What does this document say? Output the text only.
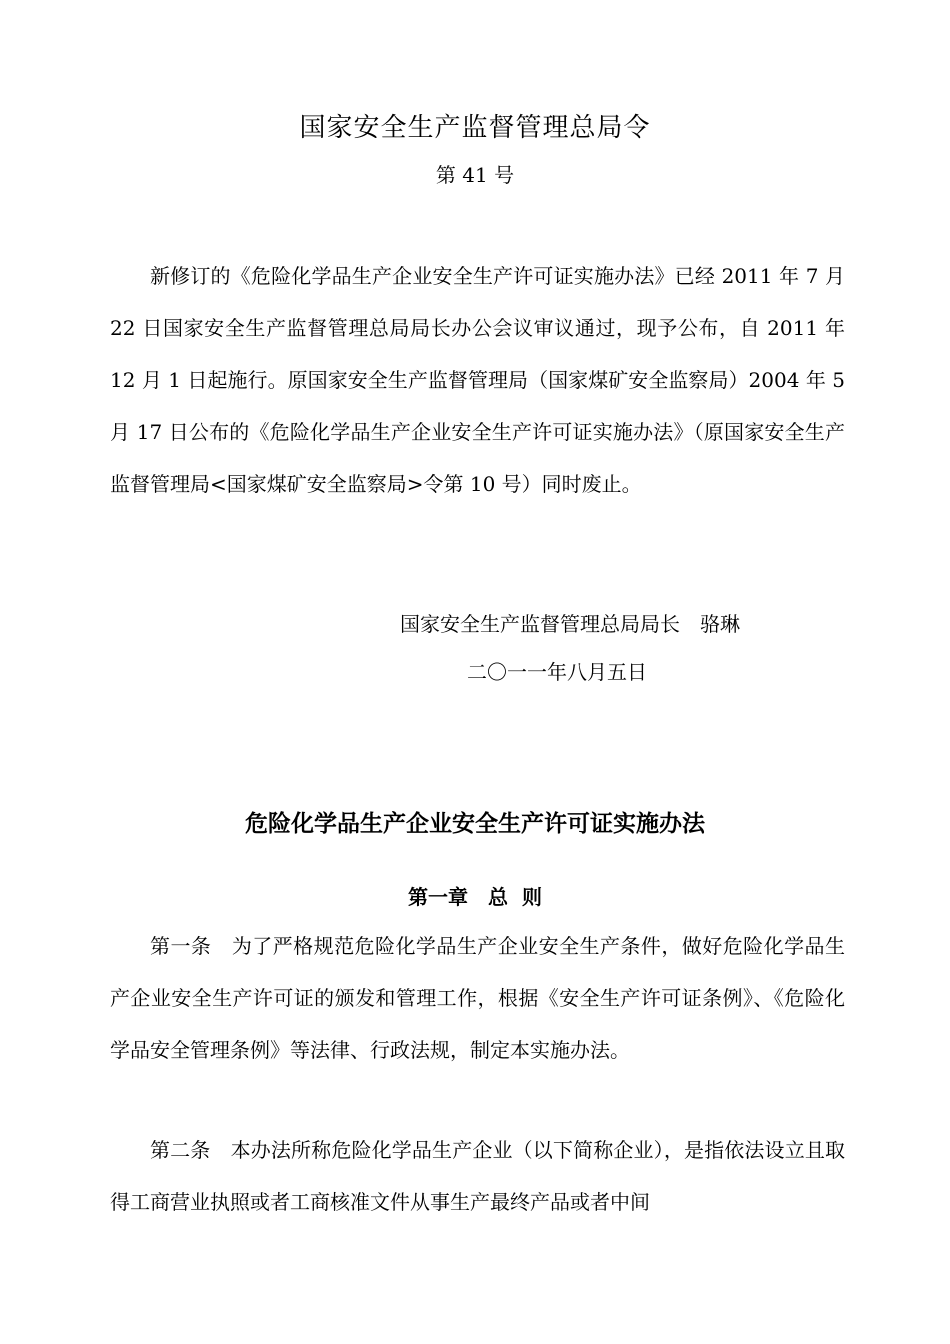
国家安全生产监督管理总局令
第 41 号

新修订的《危险化学品生产企业安全生产许可证实施办法》已经 2011 年 7 月 22 日国家安全生产监督管理总局局长办公会议审议通过，现予公布，自 2011 年 12 月 1 日起施行。原国家安全生产监督管理局（国家煤矿安全监察局）2004 年 5 月 17 日公布的《危险化学品生产企业安全生产许可证实施办法》（原国家安全生产监督管理局<国家煤矿安全监察局>令第 10 号）同时废止。

国家安全生产监督管理总局局长　骆琳
二〇一一年八月五日
危险化学品生产企业安全生产许可证实施办法
第一章　总  则

第一条　为了严格规范危险化学品生产企业安全生产条件，做好危险化学品生产企业安全生产许可证的颁发和管理工作，根据《安全生产许可证条例》、《危险化学品安全管理条例》等法律、行政法规，制定本实施办法。

第二条　本办法所称危险化学品生产企业（以下简称企业），是指依法设立且取得工商营业执照或者工商核准文件从事生产最终产品或者中间
